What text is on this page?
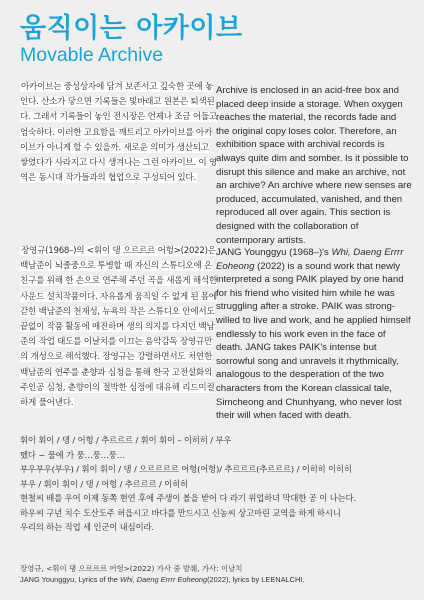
움직이는 아카이브
Movable Archive
아카이브는 중성상자에 담겨 보존서고 깊숙한 곳에 놓인다. 산소가 닿으면 기록들은 빛바래고 원본은 퇴색된다. 그래서 기록들이 놓인 전시장은 언제나 조금 어둡고 엄숙하다. 이러한 고요함을 깨트리고 아카이브를 아카이브가 아니게 할 수 있을까. 새로운 의미가 생산되고 쌓였다가 사라지고 다시 생겨나는 그런 아카이브. 이 영역은 동시대 작가들과의 협업으로 구성되어 있다.
Archive is enclosed in an acid-free box and placed deep inside a storage. When oxygen reaches the material, the records fade and the original copy loses color. Therefore, an exhibition space with archival records is always quite dim and somber. Is it possible to disrupt this silence and make an archive, not an archive? An archive where new senses are produced, accumulated, vanished, and then reproduced all over again. This section is designed with the collaboration of contemporary artists.
장영규(1968–)의 <휘이 댕 으르르르 어헝>(2022)은 백남준이 뇌졸중으로 투병할 때 자신의 스튜디오에 온 친구를 위해 한 손으로 연주해 주던 곡을 새롭게 해석한 사운드 설치작품이다. 자유롭게 움직일 수 없게 된 몸에 갇힌 백남준의 천재성, 뉴욕의 작은 스튜디오 안에서도 끝없이 작품 활동에 매진하며 생의 의지를 다지던 백남준의 작업 태도를 이날치를 이끄는 음악감독 장영규만의 개성으로 해석했다. 장영규는 강렬하면서도 처연한 백남준의 연주를 춘향과 심청을 통해 한국 고전설화의 주인공 심청, 춘향이의 절박한 심정에 대유해 리드미컬하게 풀어낸다.
JANG Younggyu (1968–)'s Whi, Daeng Errrr Eoheong (2022) is a sound work that newly interpreted a song PAIK played by one hand for his friend who visited him while he was struggling after a stroke. PAIK was strong-willed to live and work, and he applied himself endlessly to his work even in the face of death. JANG takes PAIK's intense but sorrowful song and unravels it rhythmically, analogous to the desperation of the two characters from the Korean classical tale, Simcheong and Chunhyang, who never lost their will when faced with death.
휘이 휘이 / 댕 / 어헝 / 추르르르 / 휘이 휘이 – 이히히 / 부우
뗐다 ~ 물에 가 풍…풍…풍…
부우부우(부우) / 휘이 휘이 / 댕 / 으르르르르 어헝(어헝)/ 추르르르(추르르르) / 이히히 이히히
부우 / 휘이 휘이 / 댕 / 어헝 / 추르르르 / 이히히
현철씨 배를 우어 이제 동쪽 현연 후에 주생이 볼을 받어 다 라기 위업하녀 막대한 공 이 나는다.
하우씨 구년 치수 도산도주 허읍시고 바다를 만드시고 신농씨 상고마린 교역을 하게 하시니
우리의 하는 직업 세 인군이 내심이라.
장영규, <휘이 댕 으르르르 어헝>(2022) 가사 중 발췌, 가사: 이날치
JANG Younggyu, Lyrics of the Whi, Daeng Errrr Eoheong(2022), lyrics by LEENALCHI.
